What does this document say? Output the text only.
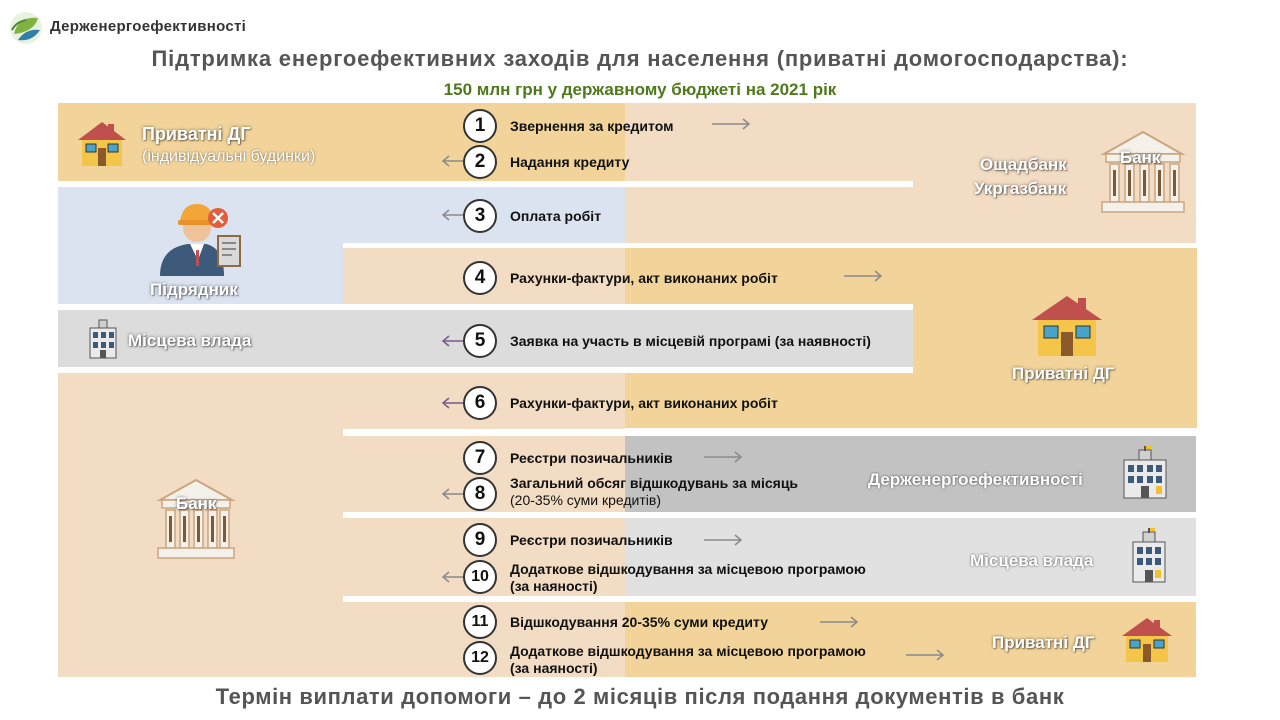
Держенергоефективності
Підтримка енергоефективних заходів для населення (приватні домогосподарства):
150 млн грн у державному бюджеті на 2021 рік
Приватні ДГ
(індивідуальні будинки)	Ощадбанк
Укргазбанк
Банк
Підрядник
Місцева влада
Приватні ДГ
Банк
Держенергоефективності
Місцева влада
Приватні ДГ
1	Звернення за кредитом
2	Надання кредиту
3	Оплата робіт
4	Рахунки-фактури, акт виконаних робіт
5	Заявка на участь в місцевій програмі (за наявності)
6	Рахунки-фактури, акт виконаних робіт
7	Реєстри позичальників
8	Загальний обсяг відшкодувань за місяць
(20-35% суми кредитів)
9	Реєстри позичальників
10	Додаткове відшкодування за місцевою програмою
(за наяності)
11	Відшкодування 20-35% суми кредиту
12	Додаткове відшкодування за місцевою програмою
(за наяності)
Термін виплати допомоги – до 2 місяців після подання документів в банк
